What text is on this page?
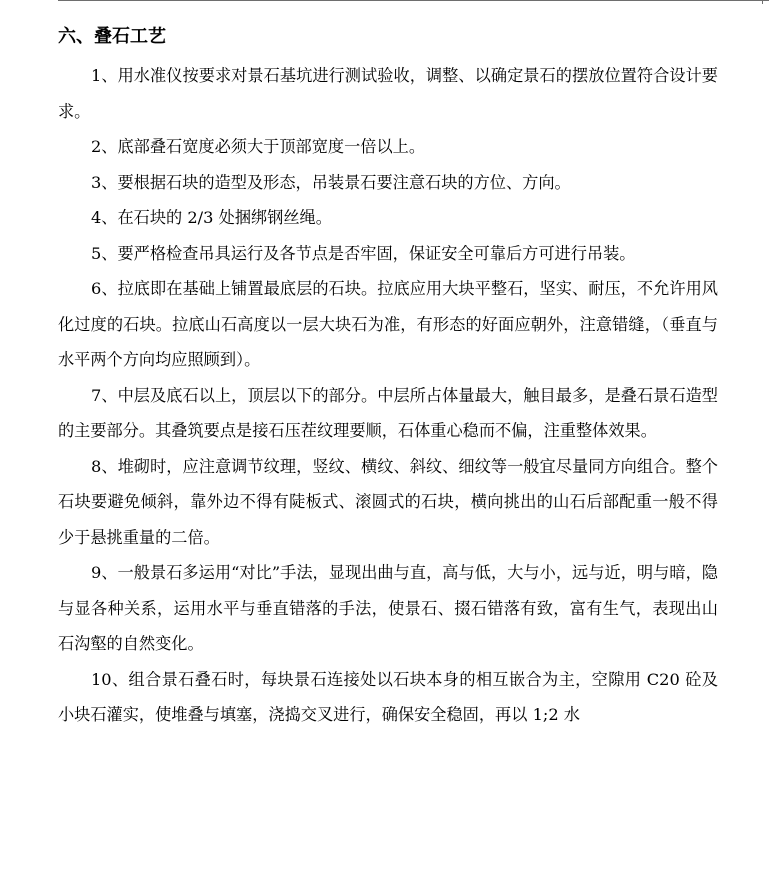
六、叠石工艺

1、用水准仪按要求对景石基坑进行测试验收，调整、以确定景石的摆放位置符合设计要求。

2、底部叠石宽度必须大于顶部宽度一倍以上。

3、要根据石块的造型及形态，吊装景石要注意石块的方位、方向。

4、在石块的 2/3 处捆绑钢丝绳。

5、要严格检查吊具运行及各节点是否牢固，保证安全可靠后方可进行吊装。

6、拉底即在基础上铺置最底层的石块。拉底应用大块平整石，坚实、耐压，不允许用风化过度的石块。拉底山石高度以一层大块石为准，有形态的好面应朝外，注意错缝，（垂直与水平两个方向均应照顾到）。

7、中层及底石以上，顶层以下的部分。中层所占体量最大，触目最多，是叠石景石造型的主要部分。其叠筑要点是接石压茬纹理要顺，石体重心稳而不偏，注重整体效果。

8、堆砌时，应注意调节纹理，竖纹、横纹、斜纹、细纹等一般宜尽量同方向组合。整个石块要避免倾斜，靠外边不得有陡板式、滚圆式的石块，横向挑出的山石后部配重一般不得少于悬挑重量的二倍。

9、一般景石多运用“对比”手法，显现出曲与直，高与低，大与小，远与近，明与暗，隐与显各种关系，运用水平与垂直错落的手法，使景石、掇石错落有致，富有生气，表现出山石沟壑的自然变化。

10、组合景石叠石时，每块景石连接处以石块本身的相互嵌合为主，空隙用 C20 砼及小块石灌实，使堆叠与填塞，浇捣交叉进行，确保安全稳固，再以 1;2 水
